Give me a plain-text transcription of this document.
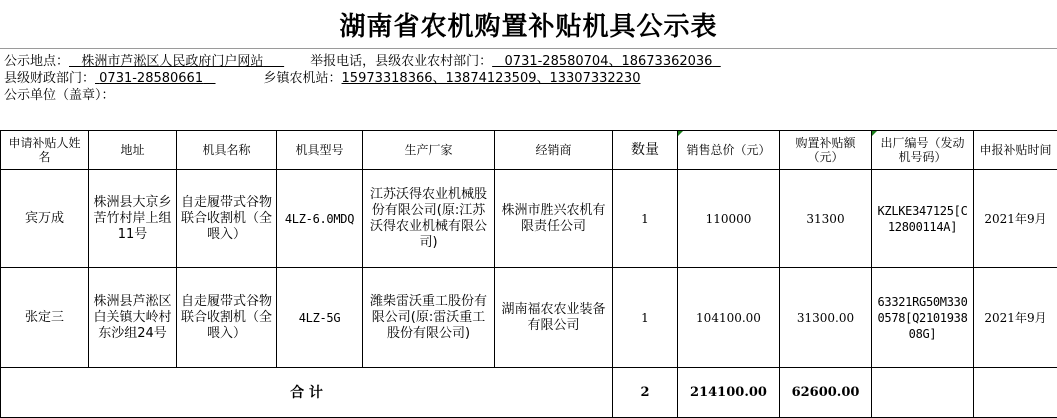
湖南省农机购置补贴机具公示表
公示地点： 株洲市芦淞区人民政府门户网站	举报电话，县级农业农村部门： 0731-28580704、18673362036
县级财政部门： 0731-28580661	乡镇农机站：15973318366、13874123509、13307332230
公示单位（盖章）：
申请补贴人姓名	地址	机具名称	机具型号	生产厂家	经销商	数量	销售总价（元）	购置补贴额（元）	出厂编号（发动机号码）	申报补贴时间
宾万成	株洲县大京乡苦竹村岸上组11号	自走履带式谷物联合收割机（全喂入）	4LZ-6.0MDQ	江苏沃得农业机械股份有限公司(原:江苏沃得农业机械有限公司)	株洲市胜兴农机有限责任公司	1	110000	31300	KZLKE347125[C12800114A]	2021年9月
张定三	株洲县芦淞区白关镇大岭村东沙组24号	自走履带式谷物联合收割机（全喂入）	4LZ-5G	潍柴雷沃重工股份有限公司(原:雷沃重工股份有限公司)	湖南福农农业装备有限公司	1	104100.00	31300.00	63321RG50M3300578[Q210193808G]	2021年9月
合 计						2	214100.00	62600.00		
